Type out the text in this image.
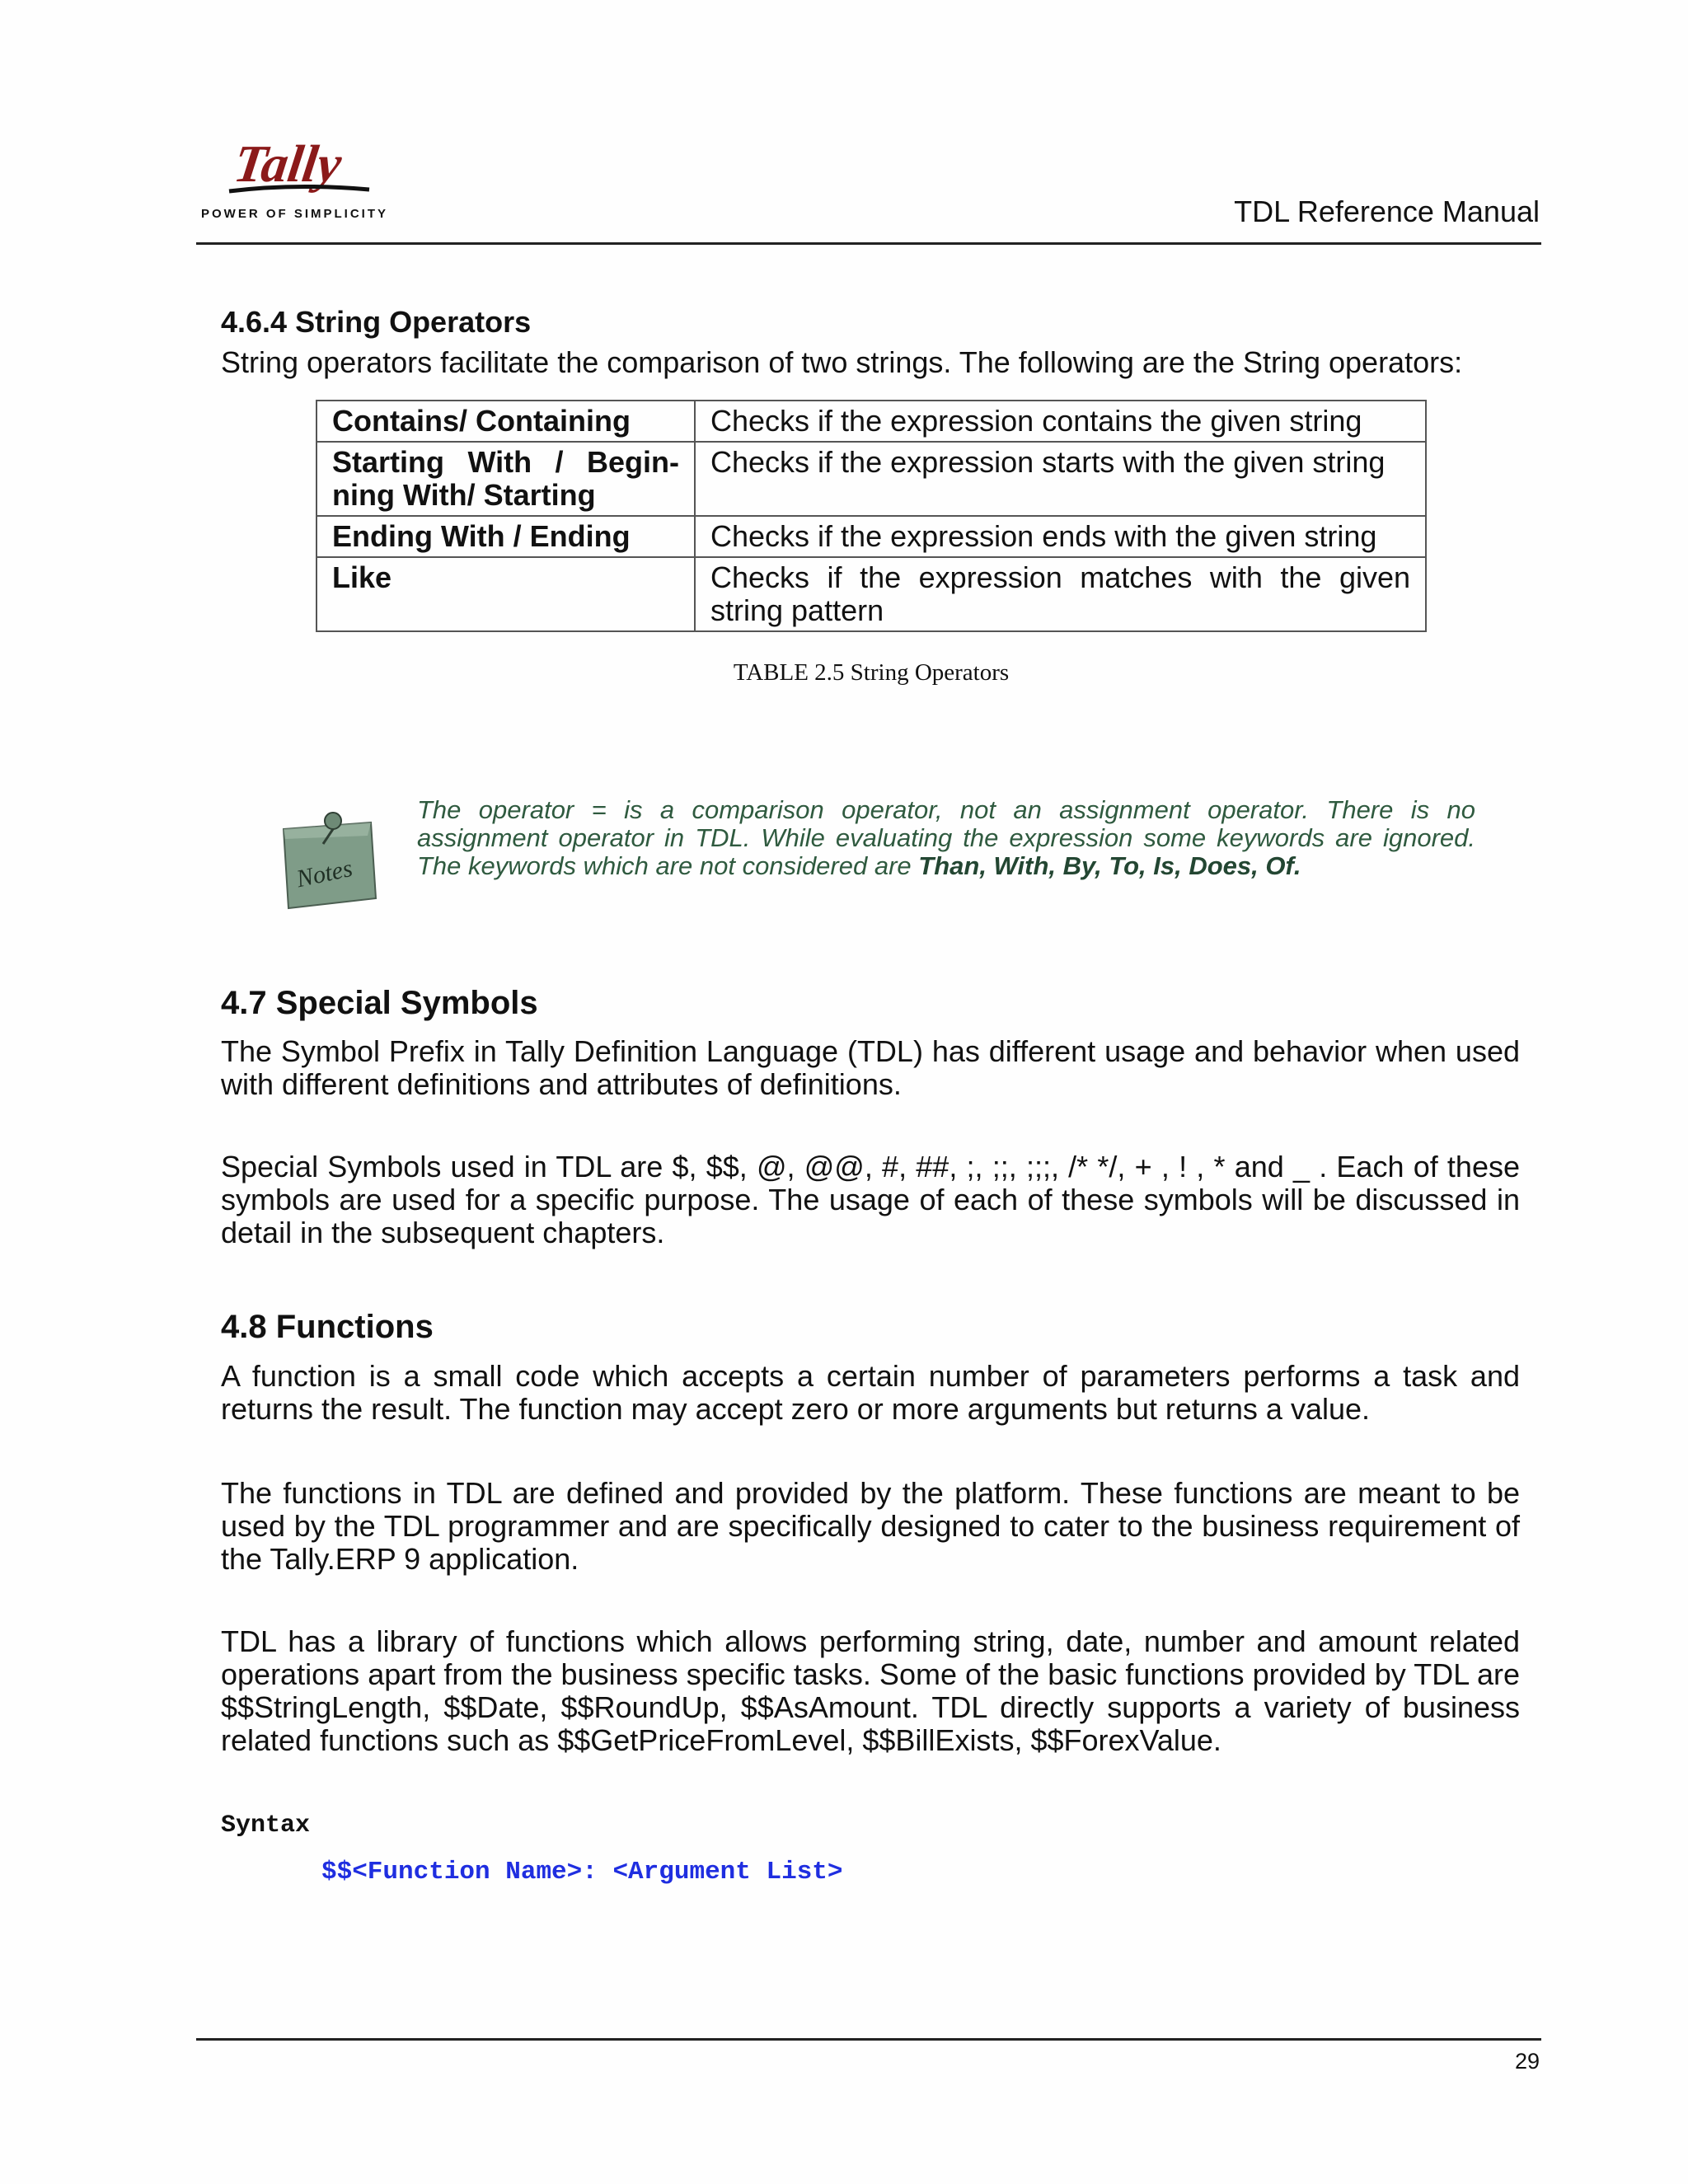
Tally
POWER OF SIMPLICITY	TDL Reference Manual
4.6.4 String Operators

String operators facilitate the comparison of two strings. The following are the String operators:

Contains/ Containing	Checks if the expression contains the given string
Starting With / Begin-ning With/ Starting	Checks if the expression starts with the given string
Ending With / Ending	Checks if the expression ends with the given string
Like	Checks if the expression matches with the given string pattern
TABLE 2.5 String Operators
Notes

The operator = is a comparison operator, not an assignment operator. There is no assignment operator in TDL. While evaluating the expression some keywords are ignored. The keywords which are not considered are Than, With, By, To, Is, Does, Of.

4.7 Special Symbols

The Symbol Prefix in Tally Definition Language (TDL) has different usage and behavior when used with different definitions and attributes of definitions.

Special Symbols used in TDL are $, $$, @, @@, #, ##, ;, ;;, ;;;, /* */, + , ! , * and _ . Each of these symbols are used for a specific purpose. The usage of each of these symbols will be discussed in detail in the subsequent chapters.

4.8 Functions

A function is a small code which accepts a certain number of parameters performs a task and returns the result. The function may accept zero or more arguments but returns a value.

The functions in TDL are defined and provided by the platform. These functions are meant to be used by the TDL programmer and are specifically designed to cater to the business requirement of the Tally.ERP 9 application.

TDL has a library of functions which allows performing string, date, number and amount related operations apart from the business specific tasks. Some of the basic functions provided by TDL are $$StringLength, $$Date, $$RoundUp, $$AsAmount. TDL directly supports a variety of business related functions such as $$GetPriceFromLevel, $$BillExists, $$ForexValue.

Syntax
$$<Function Name>: <Argument List>
29
